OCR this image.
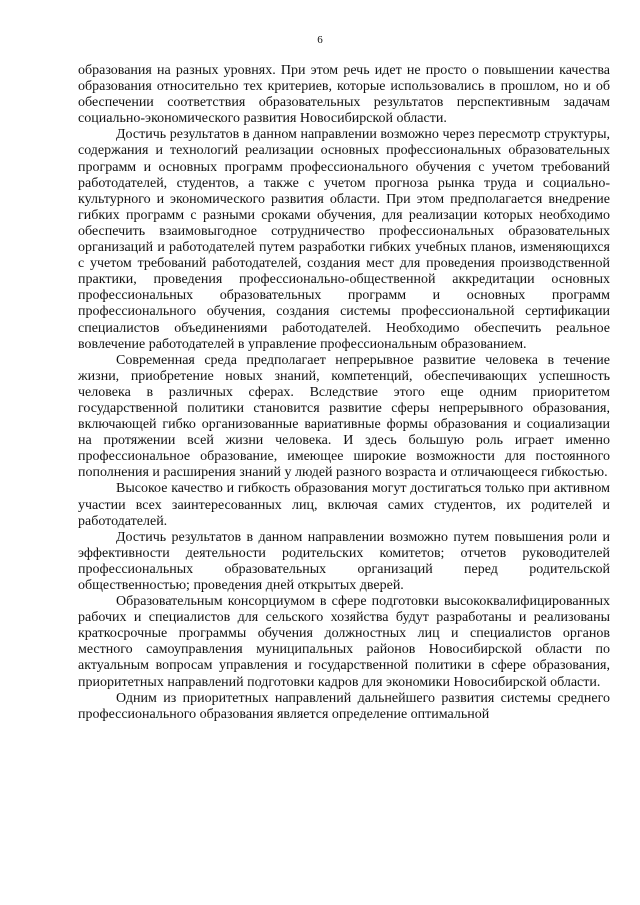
6

образования на разных уровнях. При этом речь идет не просто о повышении качества образования относительно тех критериев, которые использовались в прошлом, но и об обеспечении соответствия образовательных результатов перспективным задачам социально-экономического развития Новосибирской области.

Достичь результатов в данном направлении возможно через пересмотр структуры, содержания и технологий реализации основных профессиональных образовательных программ и основных программ профессионального обучения с учетом требований работодателей, студентов, а также с учетом прогноза рынка труда и социально-культурного и экономического развития области. При этом предполагается внедрение гибких программ с разными сроками обучения, для реализации которых необходимо обеспечить взаимовыгодное сотрудничество профессиональных образовательных организаций и работодателей путем разработки гибких учебных планов, изменяющихся с учетом требований работодателей, создания мест для проведения производственной практики, проведения профессионально-общественной аккредитации основных профессиональных образовательных программ и основных программ профессионального обучения, создания системы профессиональной сертификации специалистов объединениями работодателей. Необходимо обеспечить реальное вовлечение работодателей в управление профессиональным образованием.

Современная среда предполагает непрерывное развитие человека в течение жизни, приобретение новых знаний, компетенций, обеспечивающих успешность человека в различных сферах. Вследствие этого еще одним приоритетом государственной политики становится развитие сферы непрерывного образования, включающей гибко организованные вариативные формы образования и социализации на протяжении всей жизни человека. И здесь большую роль играет именно профессиональное образование, имеющее широкие возможности для постоянного пополнения и расширения знаний у людей разного возраста и отличающееся гибкостью.

Высокое качество и гибкость образования могут достигаться только при активном участии всех заинтересованных лиц, включая самих студентов, их родителей и работодателей.

Достичь результатов в данном направлении возможно путем повышения роли и эффективности деятельности родительских комитетов; отчетов руководителей профессиональных образовательных организаций перед родительской общественностью; проведения дней открытых дверей.

Образовательным консорциумом в сфере подготовки высококвалифицированных рабочих и специалистов для сельского хозяйства будут разработаны и реализованы краткосрочные программы обучения должностных лиц и специалистов органов местного самоуправления муниципальных районов Новосибирской области по актуальным вопросам управления и государственной политики в сфере образования, приоритетных направлений подготовки кадров для экономики Новосибирской области.

Одним из приоритетных направлений дальнейшего развития системы среднего профессионального образования является определение оптимальной
